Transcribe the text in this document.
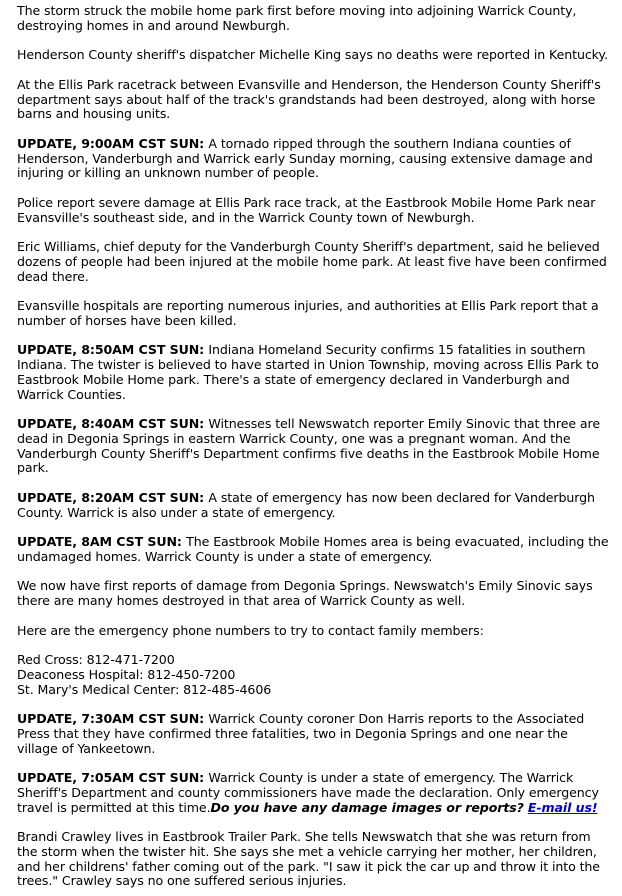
The storm struck the mobile home park first before moving into adjoining Warrick County, destroying homes in and around Newburgh.

Henderson County sheriff's dispatcher Michelle King says no deaths were reported in Kentucky.

At the Ellis Park racetrack between Evansville and Henderson, the Henderson County Sheriff's department says about half of the track's grandstands had been destroyed, along with horse barns and housing units.

UPDATE, 9:00AM CST SUN: A tornado ripped through the southern Indiana counties of Henderson, Vanderburgh and Warrick early Sunday morning, causing extensive damage and injuring or killing an unknown number of people.

Police report severe damage at Ellis Park race track, at the Eastbrook Mobile Home Park near Evansville's southeast side, and in the Warrick County town of Newburgh.

Eric Williams, chief deputy for the Vanderburgh County Sheriff's department, said he believed dozens of people had been injured at the mobile home park. At least five have been confirmed dead there.

Evansville hospitals are reporting numerous injuries, and authorities at Ellis Park report that a number of horses have been killed.

UPDATE, 8:50AM CST SUN: Indiana Homeland Security confirms 15 fatalities in southern Indiana. The twister is believed to have started in Union Township, moving across Ellis Park to Eastbrook Mobile Home park. There's a state of emergency declared in Vanderburgh and Warrick Counties.

UPDATE, 8:40AM CST SUN: Witnesses tell Newswatch reporter Emily Sinovic that three are dead in Degonia Springs in eastern Warrick County, one was a pregnant woman. And the Vanderburgh County Sheriff's Department confirms five deaths in the Eastbrook Mobile Home park.

UPDATE, 8:20AM CST SUN: A state of emergency has now been declared for Vanderburgh County. Warrick is also under a state of emergency.

UPDATE, 8AM CST SUN: The Eastbrook Mobile Homes area is being evacuated, including the undamaged homes. Warrick County is under a state of emergency.

We now have first reports of damage from Degonia Springs. Newswatch's Emily Sinovic says there are many homes destroyed in that area of Warrick County as well.

Here are the emergency phone numbers to try to contact family members:

Red Cross: 812-471-7200
Deaconess Hospital: 812-450-7200
St. Mary's Medical Center: 812-485-4606

UPDATE, 7:30AM CST SUN: Warrick County coroner Don Harris reports to the Associated Press that they have confirmed three fatalities, two in Degonia Springs and one near the village of Yankeetown.

UPDATE, 7:05AM CST SUN: Warrick County is under a state of emergency. The Warrick Sheriff's Department and county commissioners have made the declaration. Only emergency travel is permitted at this time.Do you have any damage images or reports? E-mail us!

Brandi Crawley lives in Eastbrook Trailer Park. She tells Newswatch that she was return from the storm when the twister hit. She says she met a vehicle carrying her mother, her children, and her childrens' father coming out of the park. "I saw it pick the car up and throw it into the trees." Crawley says no one suffered serious injuries.
